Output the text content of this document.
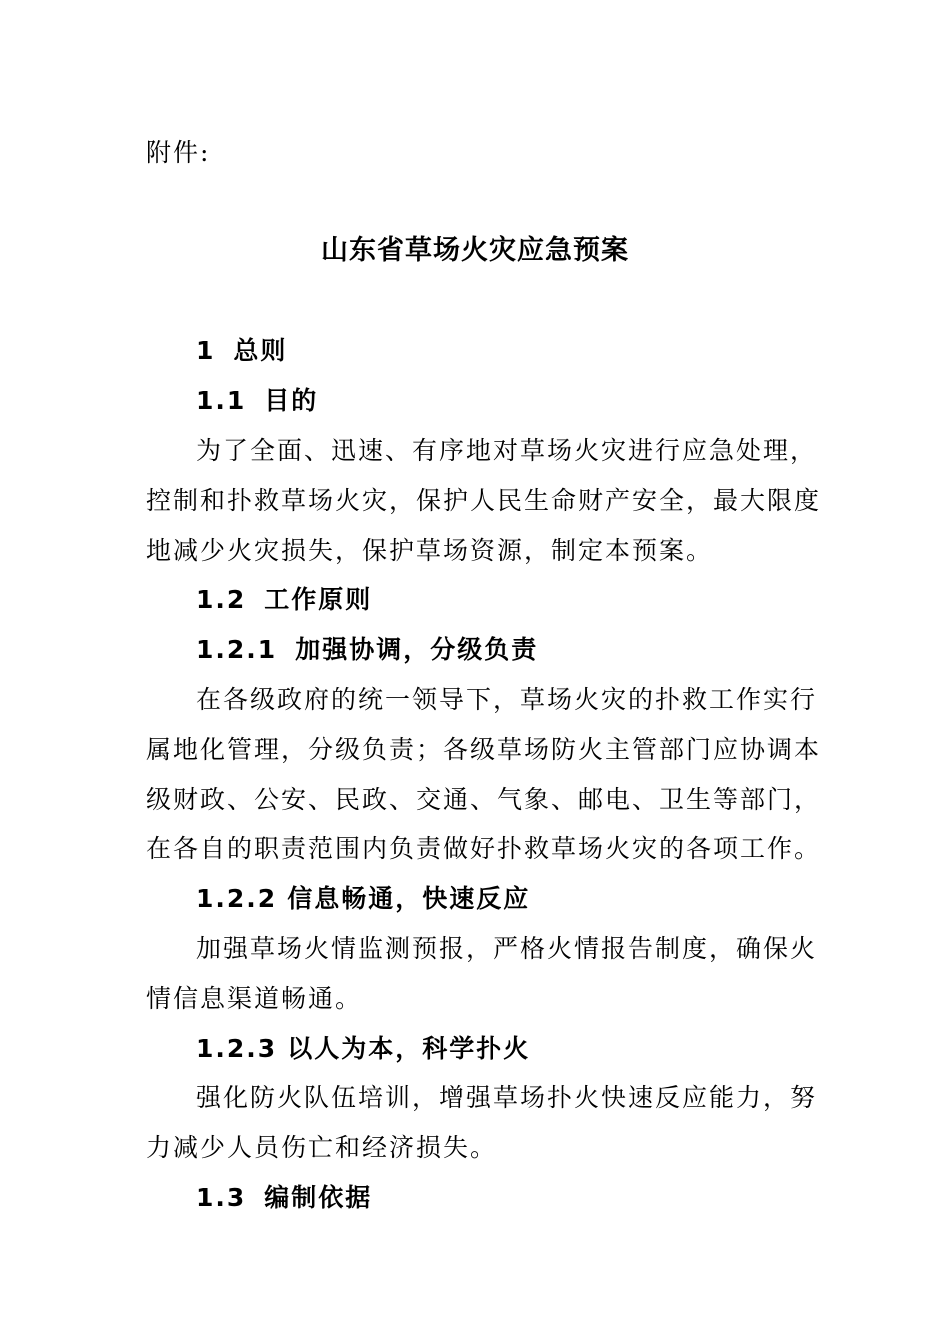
附件:
山东省草场火灾应急预案
1 总则
1.1 目的
为了全面、迅速、有序地对草场火灾进行应急处理，
控制和扑救草场火灾，保护人民生命财产安全，最大限度
地减少火灾损失，保护草场资源，制定本预案。
1.2 工作原则
1.2.1 加强协调，分级负责
在各级政府的统一领导下，草场火灾的扑救工作实行
属地化管理，分级负责；各级草场防火主管部门应协调本
级财政、公安、民政、交通、气象、邮电、卫生等部门，
在各自的职责范围内负责做好扑救草场火灾的各项工作。
1.2.2 信息畅通，快速反应
加强草场火情监测预报，严格火情报告制度，确保火
情信息渠道畅通。
1.2.3 以人为本，科学扑火
强化防火队伍培训，增强草场扑火快速反应能力，努
力减少人员伤亡和经济损失。
1.3 编制依据
